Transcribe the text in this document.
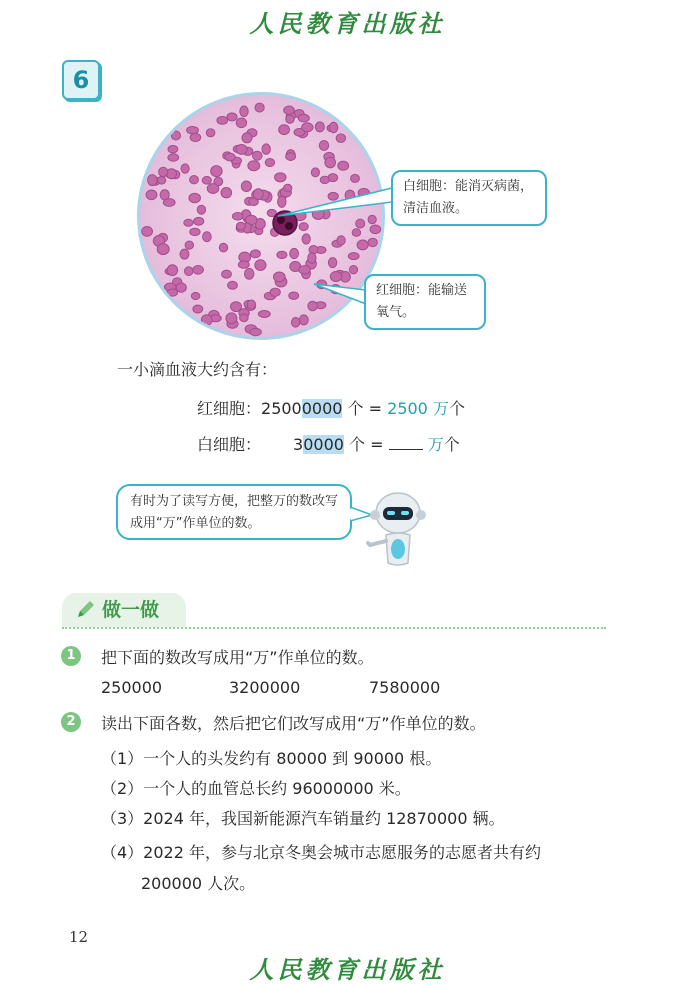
人民教育出版社
6
白细胞：能消灭病菌，清洁血液。
红细胞：能输送氧气。
一小滴血液大约含有：
红细胞：25000000 个 = 2500 万个
白细胞： 30000 个 =	万个
有时为了读写方便，把整万的数改写成用“万”作单位的数。
做一做
1	把下面的数改写成用“万”作单位的数。
250000	3200000	7580000
2	读出下面各数，然后把它们改写成用“万”作单位的数。
（1）一个人的头发约有 80000 到 90000 根。
（2）一个人的血管总长约 96000000 米。
（3）2024 年，我国新能源汽车销量约 12870000 辆。
（4）2022 年，参与北京冬奥会城市志愿服务的志愿者共有约
200000 人次。
12
人民教育出版社
